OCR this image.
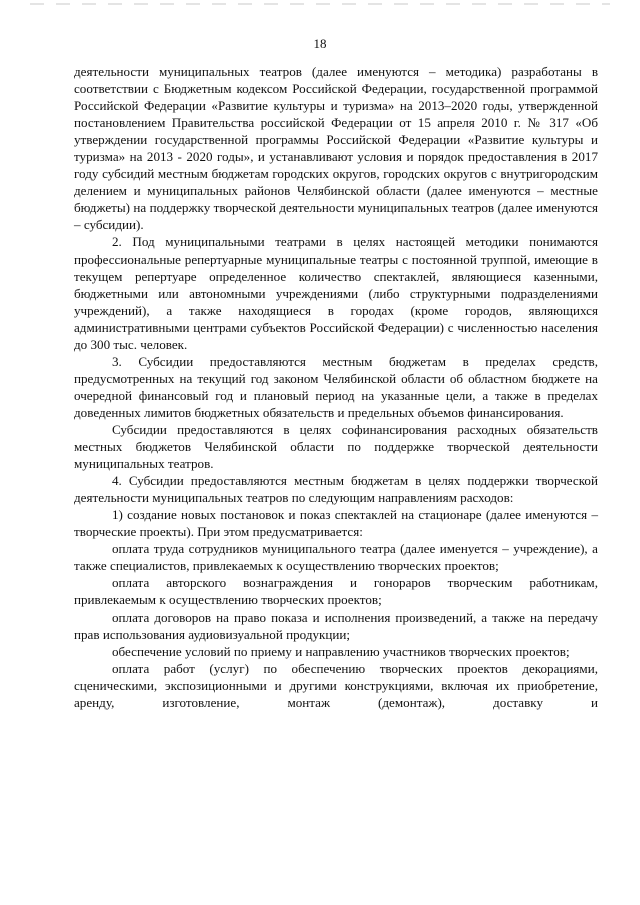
18

деятельности муниципальных театров (далее именуются – методика) разработаны в соответствии с Бюджетным кодексом Российской Федерации, государственной программой Российской Федерации «Развитие культуры и туризма» на 2013–2020 годы, утвержденной постановлением Правительства российской Федерации от 15 апреля 2010 г. № 317 «Об утверждении государственной программы Российской Федерации «Развитие культуры и туризма» на 2013 - 2020 годы», и устанавливают условия и порядок предоставления в 2017 году субсидий местным бюджетам городских округов, городских округов с внутригородским делением и муниципальных районов Челябинской области (далее именуются – местные бюджеты) на поддержку творческой деятельности муниципальных театров (далее именуются – субсидии).

2. Под муниципальными театрами в целях настоящей методики понимаются профессиональные репертуарные муниципальные театры с постоянной труппой, имеющие в текущем репертуаре определенное количество спектаклей, являющиеся казенными, бюджетными или автономными учреждениями (либо структурными подразделениями учреждений), а также находящиеся в городах (кроме городов, являющихся административными центрами субъектов Российской Федерации) с численностью населения до 300 тыс. человек.

3. Субсидии предоставляются местным бюджетам в пределах средств, предусмотренных на текущий год законом Челябинской области об областном бюджете на очередной финансовый год и плановый период на указанные цели, а также в пределах доведенных лимитов бюджетных обязательств и предельных объемов финансирования.

Субсидии предоставляются в целях софинансирования расходных обязательств местных бюджетов Челябинской области по поддержке творческой деятельности муниципальных театров.

4. Субсидии предоставляются местным бюджетам в целях поддержки творческой деятельности муниципальных театров по следующим направлениям расходов:

1) создание новых постановок и показ спектаклей на стационаре (далее именуются – творческие проекты). При этом предусматривается:

оплата труда сотрудников муниципального театра (далее именуется – учреждение), а также специалистов, привлекаемых к осуществлению творческих проектов;

оплата авторского вознаграждения и гонораров творческим работникам, привлекаемым к осуществлению творческих проектов;

оплата договоров на право показа и исполнения произведений, а также на передачу прав использования аудиовизуальной продукции;

обеспечение условий по приему и направлению участников творческих проектов;

оплата работ (услуг) по обеспечению творческих проектов декорациями, сценическими, экспозиционными и другими конструкциями, включая их приобретение, аренду, изготовление, монтаж (демонтаж), доставку и
